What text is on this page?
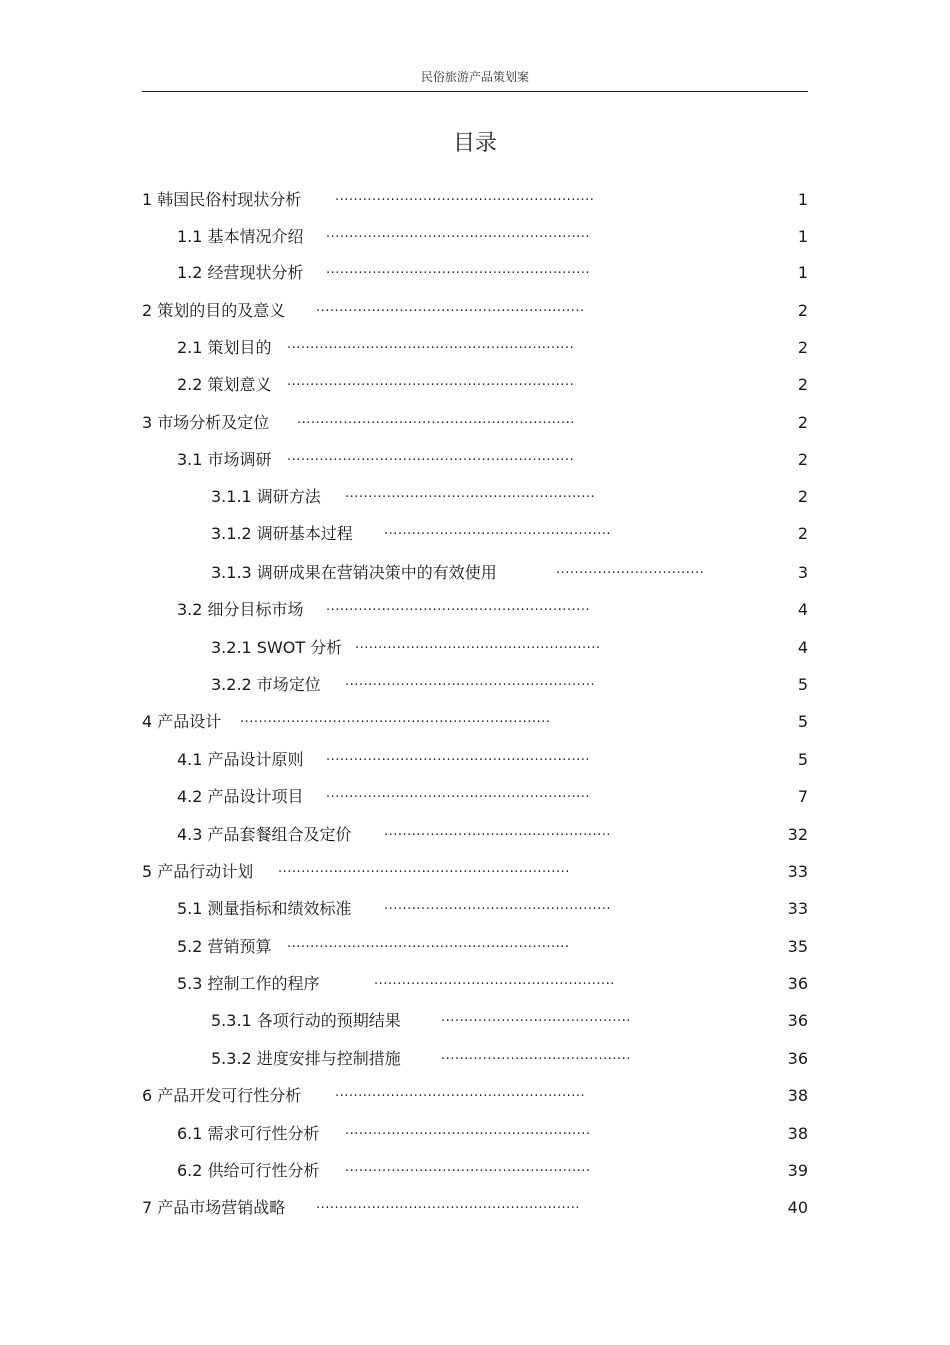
民俗旅游产品策划案
目录
1 韩国民俗村现状分析	........................................................	1
1.1 基本情况介绍 .........................................................	1
1.2 经营现状分析 .........................................................	1
2 策划的目的及意义 ..........................................................	2
2.1 策划目的 ..............................................................	2
2.2 策划意义 ..............................................................	2
3 市场分析及定位 ............................................................	2
3.1 市场调研 ..............................................................	2
3.1.1 调研方法 ......................................................	2
3.1.2 调研基本过程 .................................................	2
3.1.3 调研成果在营销决策中的有效使用	................................	3
3.2 细分目标市场 .........................................................	4
3.2.1 SWOT 分析 .....................................................	4
3.2.2 市场定位 ......................................................	5
4 产品设计 ...................................................................	5
4.1 产品设计原则 .........................................................	5
4.2 产品设计项目 .........................................................	7
4.3 产品套餐组合及定价 .................................................	32
5 产品行动计划 ...............................................................	33
5.1 测量指标和绩效标准 .................................................	33
5.2 营销预算 .............................................................	35
5.3 控制工作的程序	....................................................	36
5.3.1 各项行动的预期结果	.........................................	36
5.3.2 进度安排与控制措施	.........................................	36
6 产品开发可行性分析	......................................................	38
6.1 需求可行性分析 .....................................................	38
6.2 供给可行性分析 .....................................................	39
7 产品市场营销战略 .........................................................	40
